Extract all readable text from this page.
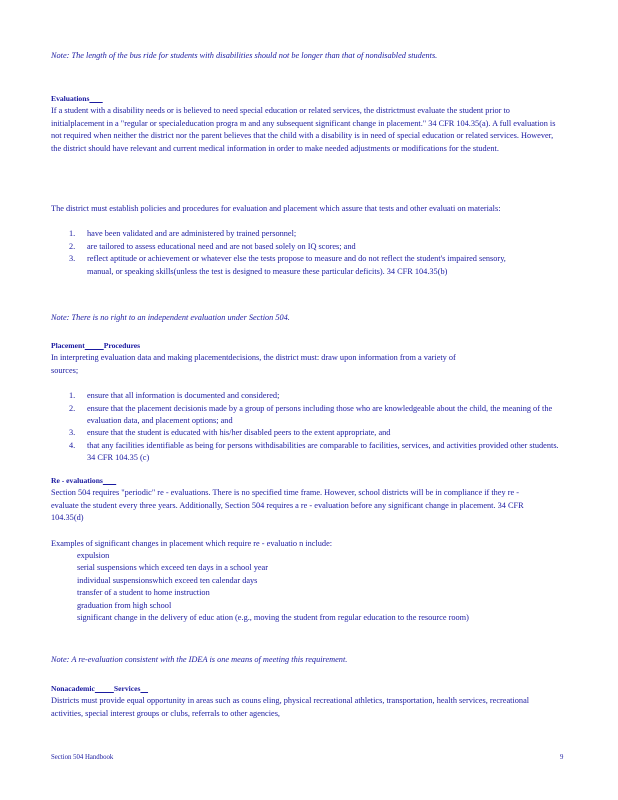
Note: The length of the bus ride for students with disabilities should not be longer than that of nondisabled students.
Evaluations

If a student with a disability needs or is believed to need special education or related services, the districtmust evaluate the student prior to initialplacement in a "regular or specialeducation progra m and any subsequent significant change in placement." 34 CFR 104.35(a). A full evaluation is not required when neither the district nor the parent believes that the child with a disability is in need of special education or related services. However, the district should have relevant and current medical information in order to make needed adjustments or modifications for the student.

The district must establish policies and procedures for evaluation and placement which assure that tests and other evaluati on materials:

1. have been validated and are administered by trained personnel;
2. are tailored to assess educational need and are not based solely on IQ scores; and
3. reflect aptitude or achievement or whatever else the tests propose to measure and do not reflect the student's impaired sensory, manual, or speaking skills(unless the test is designed to measure these particular deficits). 34 CFR 104.35(b)
Note: There is no right to an independent evaluation under Section 504.
Placement Procedures

In interpreting evaluation data and making placementdecisions, the district must: draw upon information from a variety of sources;

1. ensure that all information is documented and considered;
2. ensure that the placement decisionis made by a group of persons including those who are knowledgeable about the child, the meaning of the evaluation data, and placement options; and
3. ensure that the student is educated with his/her disabled peers to the extent appropriate, and
4. that any facilities identifiable as being for persons withdisabilities are comparable to facilities, services, and activities provided other students. 34 CFR 104.35 (c)
Re - evaluations

Section 504 requires "periodic" re - evaluations. There is no specified time frame. However, school districts will be in compliance if they re - evaluate the student every three years. Additionally, Section 504 requires a re - evaluation before any significant change in placement. 34 CFR 104.35(d)

Examples of significant changes in placement which require re - evaluatio n include:

expulsion
serial suspensions which exceed ten days in a school year
individual suspensionswhich exceed ten calendar days
transfer of a student to home instruction
graduation from high school
significant change in the delivery of educ ation (e.g., moving the student from regular education to the resource room)
Note: A re-evaluation consistent with the IDEA is one means of meeting this requirement.
Nonacademic Services

Districts must provide equal opportunity in areas such as couns eling, physical recreational athletics, transportation, health services, recreational activities, special interest groups or clubs, referrals to other agencies,

Section 504 Handbook	9
